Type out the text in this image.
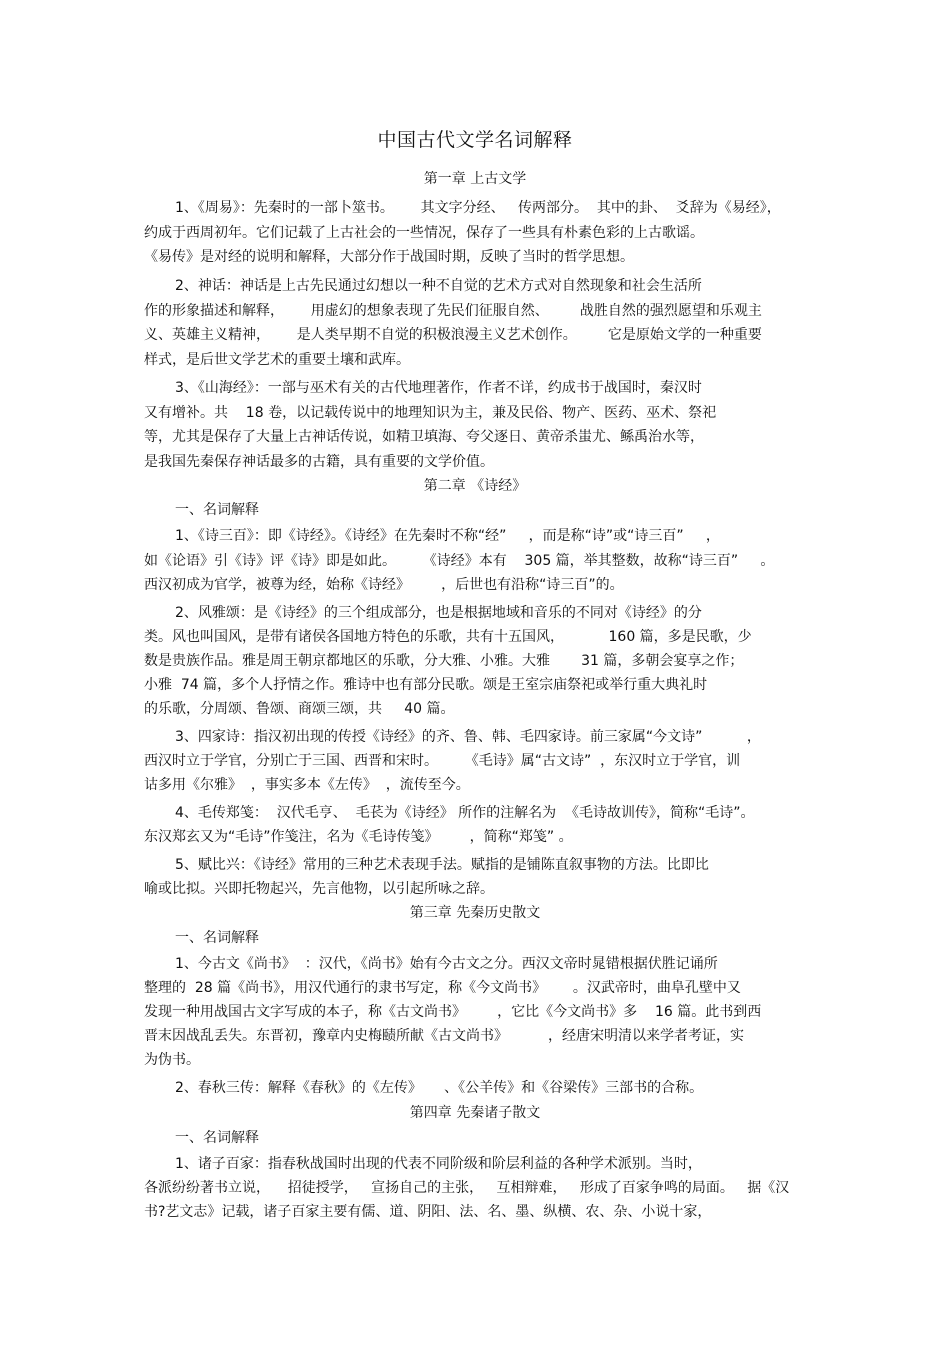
中国古代文学名词解释
第一章 上古文学
1、《周易》：先秦时的一部卜筮书。      其文字分经、   传两部分。  其中的卦、  爻辞为《易经》，
约成于西周初年。它们记载了上古社会的一些情况，保存了一些具有朴素色彩的上古歌谣。
《易传》是对经的说明和解释，大部分作于战国时期，反映了当时的哲学思想。
2、神话：神话是上古先民通过幻想以一种不自觉的艺术方式对自然现象和社会生活所
作的形象描述和解释，      用虚幻的想象表现了先民们征服自然、       战胜自然的强烈愿望和乐观主
义、英雄主义精神，      是人类早期不自觉的积极浪漫主义艺术创作。       它是原始文学的一种重要
样式，是后世文学艺术的重要土壤和武库。
3、《山海经》：一部与巫术有关的古代地理著作，作者不详，约成书于战国时，秦汉时
又有增补。共    18 卷，以记载传说中的地理知识为主，兼及民俗、物产、医药、巫术、祭祀
等，尤其是保存了大量上古神话传说，如精卫填海、夸父逐日、黄帝杀蚩尤、鲧禹治水等，
是我国先秦保存神话最多的古籍，具有重要的文学价值。
第二章 《诗经》
一、名词解释
1、《诗三百》：即《诗经》。《诗经》在先秦时不称“经”     ，而是称“诗”或“诗三百”     ，
如《论语》引《诗》评《诗》即是如此。      《诗经》本有    305 篇，举其整数，故称“诗三百”     。
西汉初成为官学，被尊为经，始称《诗经》       ，后世也有沿称“诗三百”的。
2、风雅颂：是《诗经》的三个组成部分，也是根据地域和音乐的不同对《诗经》的分
类。风也叫国风，是带有诸侯各国地方特色的乐歌，共有十五国风，          160 篇，多是民歌，少
数是贵族作品。雅是周王朝京都地区的乐歌，分大雅、小雅。大雅       31 篇，多朝会宴享之作；
小雅  74 篇，多个人抒情之作。雅诗中也有部分民歌。颂是王室宗庙祭祀或举行重大典礼时
的乐歌，分周颂、鲁颂、商颂三颂，共     40 篇。
3、四家诗：指汉初出现的传授《诗经》的齐、鲁、韩、毛四家诗。前三家属“今文诗”          ，
西汉时立于学官，分别亡于三国、西晋和宋时。      《毛诗》属“古文诗”  ，东汉时立于学官，训
诂多用《尔雅》  ，事实多本《左传》  ，流传至今。
4、毛传郑笺：  汉代毛亨、  毛苌为《诗经》 所作的注解名为  《毛诗故训传》，简称“毛诗”。
东汉郑玄又为“毛诗”作笺注，名为《毛诗传笺》       ，简称“郑笺” 。
5、赋比兴：《诗经》常用的三种艺术表现手法。赋指的是铺陈直叙事物的方法。比即比
喻或比拟。兴即托物起兴，先言他物，以引起所咏之辞。
第三章 先秦历史散文
一、名词解释
1、今古文《尚书》  ：汉代，《尚书》始有今古文之分。西汉文帝时晁错根据伏胜记诵所
整理的  28 篇《尚书》，用汉代通行的隶书写定，称《今文尚书》      。汉武帝时，曲阜孔壁中又
发现一种用战国古文字写成的本子，称《古文尚书》       ，它比《今文尚书》多    16 篇。此书到西
晋末因战乱丢失。东晋初，豫章内史梅赜所献《古文尚书》         ，经唐宋明清以来学者考证，实
为伪书。
2、春秋三传：解释《春秋》的《左传》     、《公羊传》和《谷梁传》三部书的合称。
第四章 先秦诸子散文
一、名词解释
1、诸子百家：指春秋战国时出现的代表不同阶级和阶层利益的各种学术派别。当时，
各派纷纷著书立说，    招徒授学，   宣扬自己的主张，   互相辩难，   形成了百家争鸣的局面。   据《汉
书?艺文志》记载，诸子百家主要有儒、道、阴阳、法、名、墨、纵横、农、杂、小说十家，
